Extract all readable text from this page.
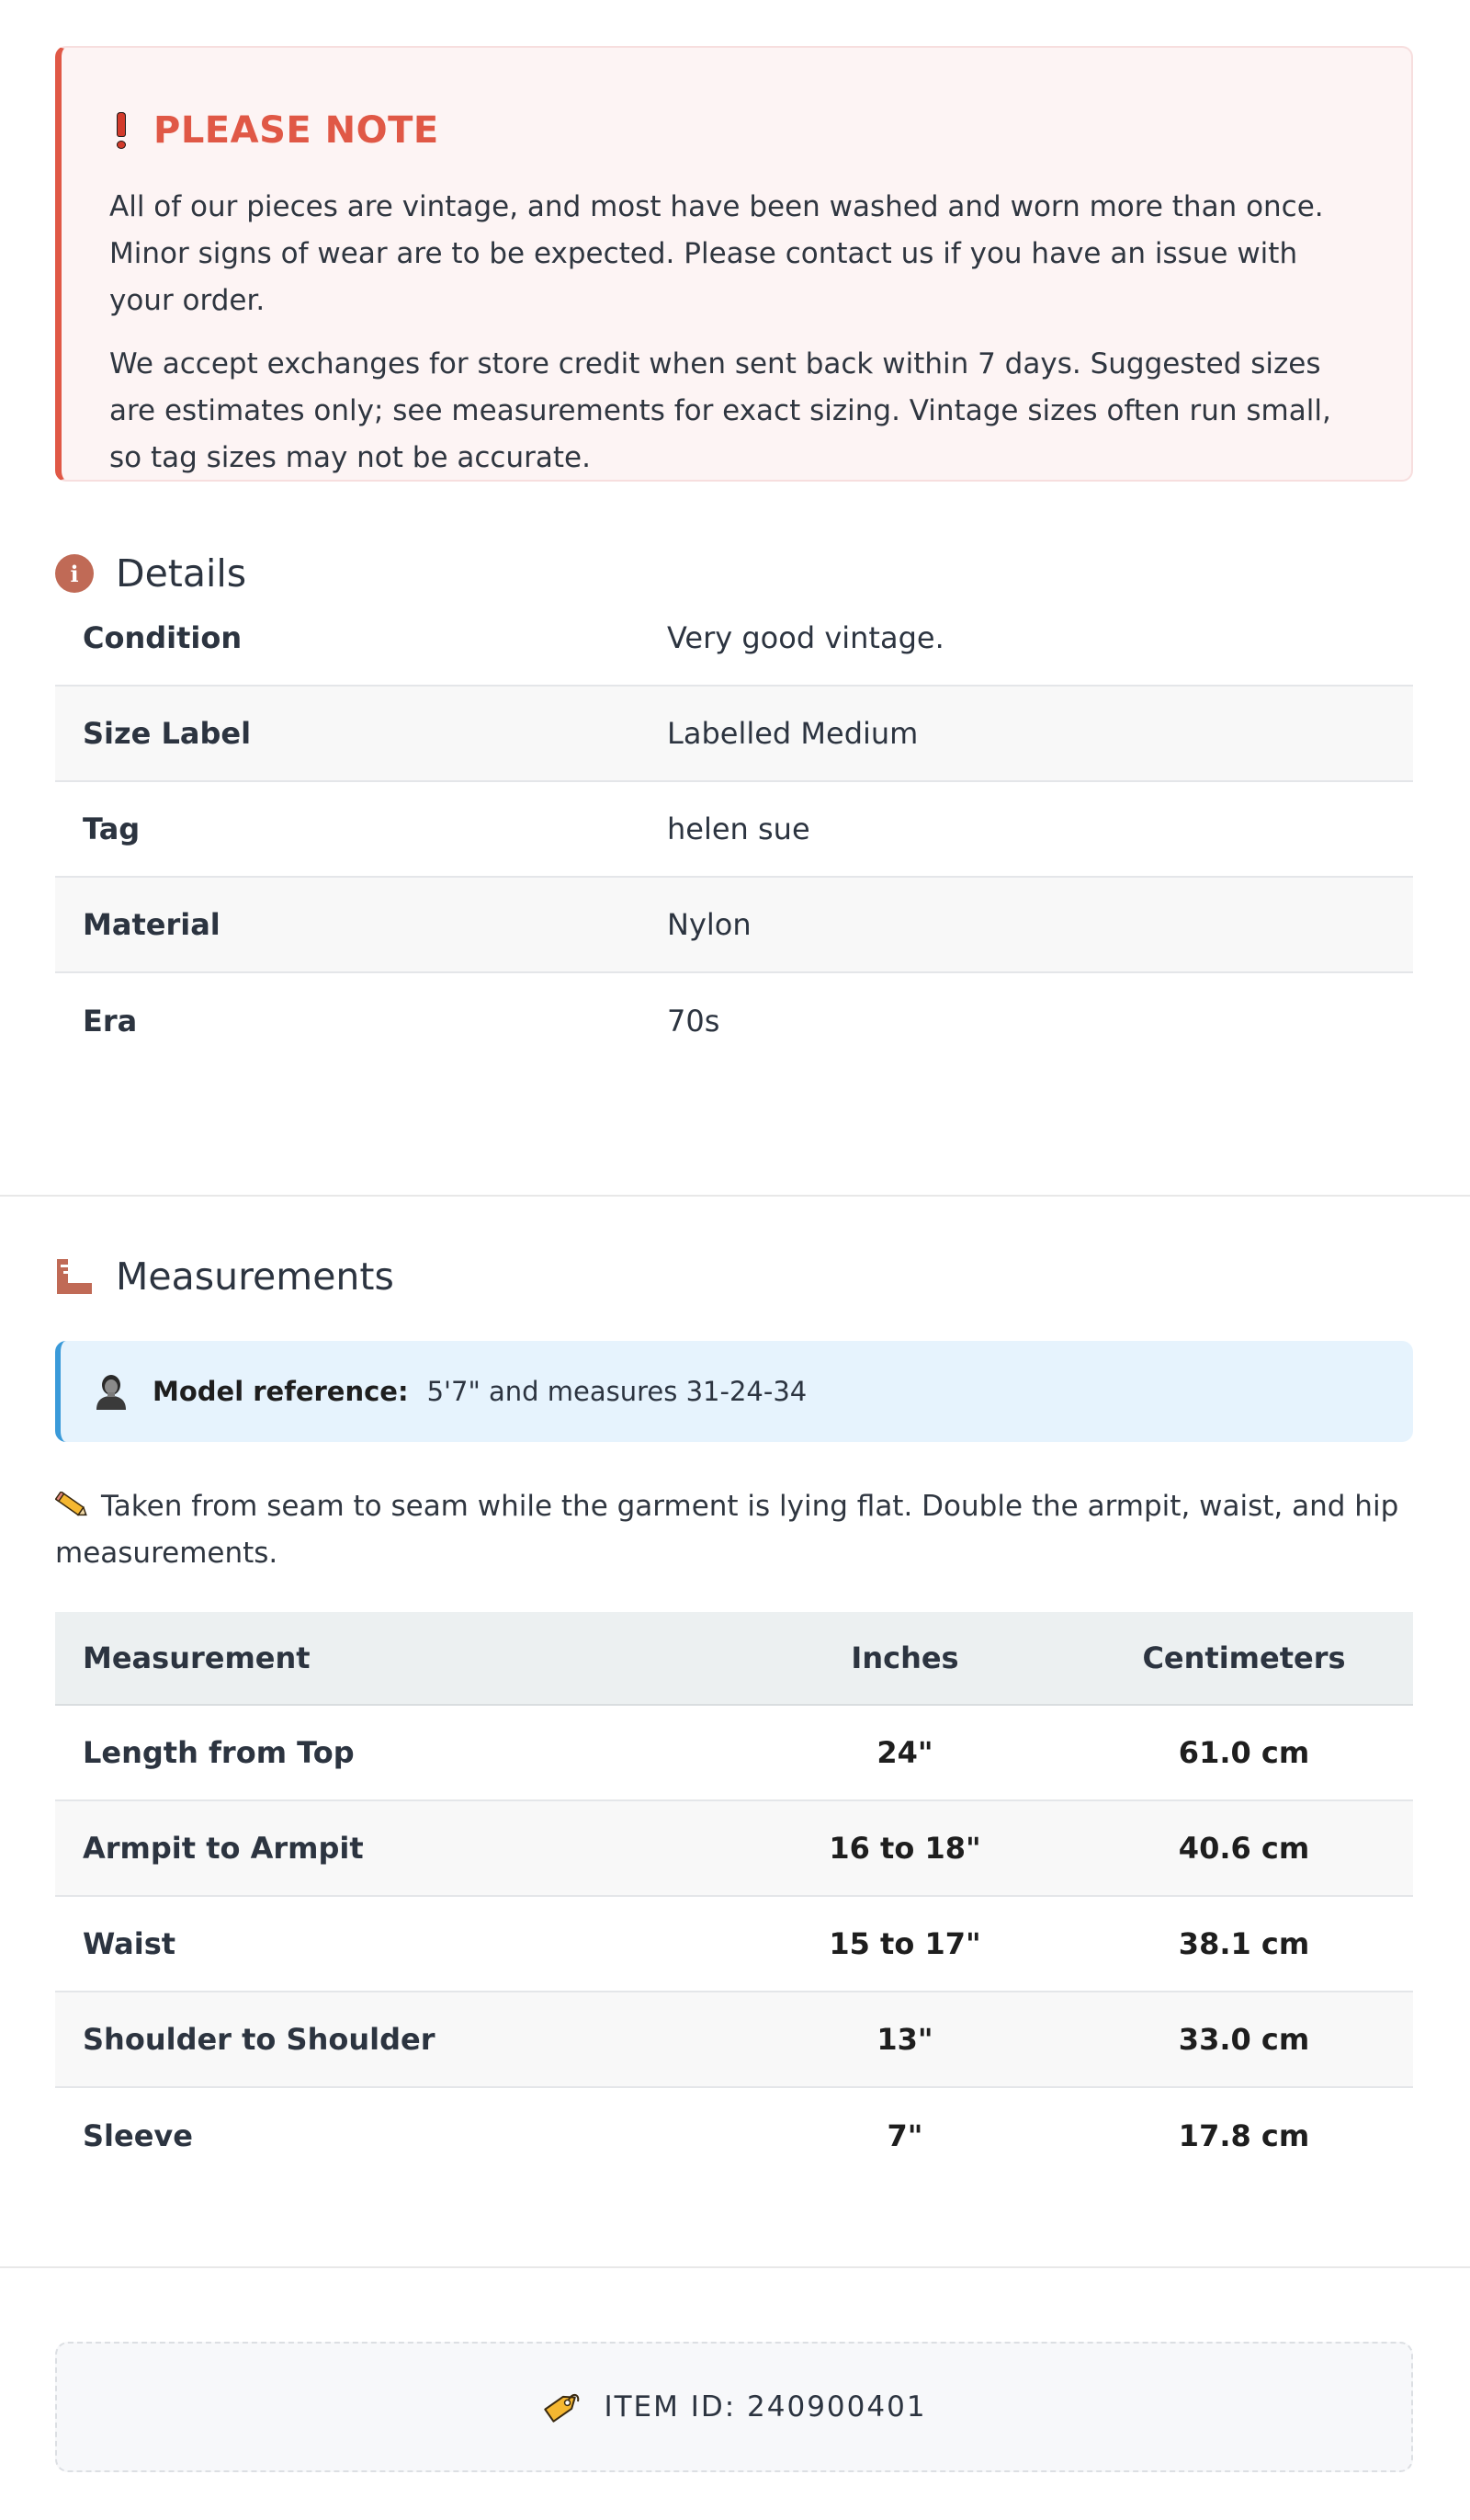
PLEASE NOTE

All of our pieces are vintage, and most have been washed and worn more than once. Minor signs of wear are to be expected. Please contact us if you have an issue with your order.

We accept exchanges for store credit when sent back within 7 days. Suggested sizes are estimates only; see measurements for exact sizing. Vintage sizes often run small, so tag sizes may not be accurate.

i Details
Condition	Very good vintage.
Size Label	Labelled Medium
Tag	helen sue
Material	Nylon
Era	70s
Measurements
Model reference: 5'7" and measures 31-24-34

Taken from seam to seam while the garment is lying flat. Double the armpit, waist, and hip measurements.

Measurement	Inches	Centimeters
Length from Top	24"	61.0 cm
Armpit to Armpit	16 to 18"	40.6 cm
Waist	15 to 17"	38.1 cm
Shoulder to Shoulder	13"	33.0 cm
Sleeve	7"	17.8 cm
ITEM ID: 240900401
